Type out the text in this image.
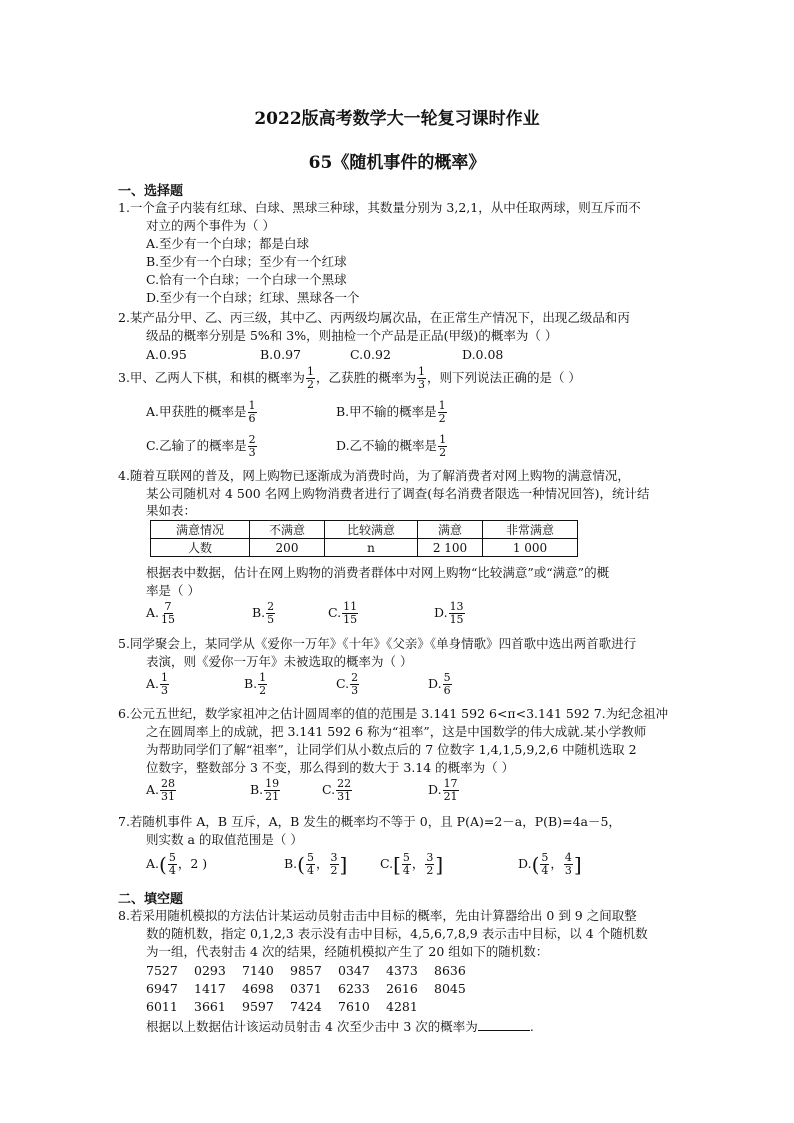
2022版高考数学大一轮复习课时作业
65《随机事件的概率》
一、选择题
1.一个盒子内装有红球、白球、黑球三种球，其数量分别为 3,2,1，从中任取两球，则互斥而不
对立的两个事件为（ ）
A.至少有一个白球；都是白球
B.至少有一个白球；至少有一个红球
C.恰有一个白球；一个白球一个黑球
D.至少有一个白球；红球、黑球各一个
2.某产品分甲、乙、丙三级，其中乙、丙两级均属次品，在正常生产情况下，出现乙级品和丙
级品的概率分别是 5%和 3%，则抽检一个产品是正品(甲级)的概率为（ ）
A.0.95	B.0.97	C.0.92	D.0.08
3.甲、乙两人下棋，和棋的概率为 $\frac{1}{2}$ ，乙获胜的概率为 $\frac{1}{3}$ ，则下列说法正确的是（ ）
A.甲获胜的概率是 $\frac{1}{6}$	B.甲不输的概率是 $\frac{1}{2}$
C.乙输了的概率是 $\frac{2}{3}$	D.乙不输的概率是 $\frac{1}{2}$
4.随着互联网的普及，网上购物已逐渐成为消费时尚，为了解消费者对网上购物的满意情况，
某公司随机对 4 500 名网上购物消费者进行了调查(每名消费者限选一种情况回答)，统计结
果如表：
满意情况	不满意	比较满意	满意	非常满意
人数	200	n	2 100	1 000
根据表中数据，估计在网上购物的消费者群体中对网上购物“比较满意”或“满意”的概
率是（ ）
A. $\frac{7}{15}$	B. $\frac{2}{5}$	C. $\frac{11}{15}$	D. $\frac{13}{15}$
5.同学聚会上，某同学从《爱你一万年》《十年》《父亲》《单身情歌》四首歌中选出两首歌进行
表演，则《爱你一万年》未被选取的概率为（ ）
A. $\frac{1}{3}$	B. $\frac{1}{2}$	C. $\frac{2}{3}$	D. $\frac{5}{6}$
6.公元五世纪，数学家祖冲之估计圆周率的值的范围是 3.141 592 6<π<3.141 592 7.为纪念祖冲
之在圆周率上的成就，把 3.141 592 6 称为“祖率”，这是中国数学的伟大成就.某小学教师
为帮助同学们了解“祖率”，让同学们从小数点后的 7 位数字 1,4,1,5,9,2,6 中随机选取 2
位数字，整数部分 3 不变，那么得到的数大于 3.14 的概率为（ ）
A. $\frac{28}{31}$	B. $\frac{19}{21}$	C. $\frac{22}{31}$	D. $\frac{17}{21}$
7.若随机事件 A，B 互斥，A，B 发生的概率均不等于 0，且 P(A)=2－a，P(B)=4a－5，
则实数 a 的取值范围是（ ）
$A.( \frac{5}{4}$ ，2 )	$B.( \frac{5}{4}$ ， $\frac{3}{2}$ ]	$C.[ \frac{5}{4}$ ， $\frac{3}{2}$ ]	$D.( \frac{5}{4}$ ， $\frac{4}{3}$ ]
二、填空题
8.若采用随机模拟的方法估计某运动员射击击中目标的概率，先由计算器给出 0 到 9 之间取整
数的随机数，指定 0,1,2,3 表示没有击中目标，4,5,6,7,8,9 表示击中目标，以 4 个随机数
为一组，代表射击 4 次的结果，经随机模拟产生了 20 组如下的随机数：
7527 0293 7140 9857 0347 4373 8636
6947 1417 4698 0371 6233 2616 8045
6011 3661 9597 7424 7610 4281
根据以上数据估计该运动员射击 4 次至少击中 3 次的概率为	.
